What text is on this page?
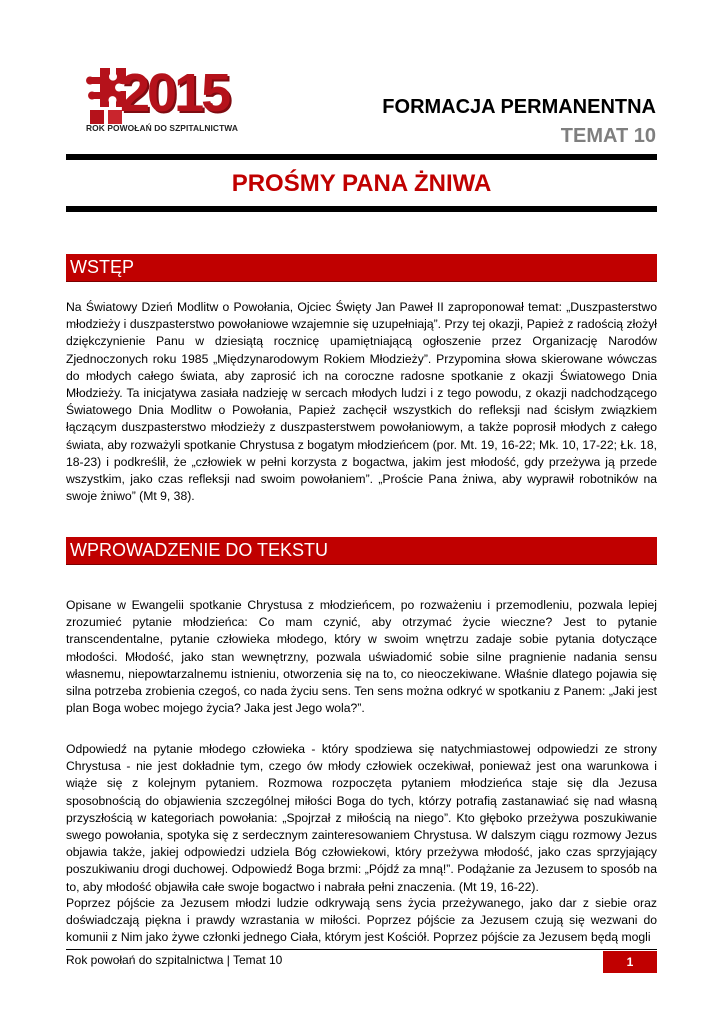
2015
ROK POWOŁAŃ DO SZPITALNICTWA
FORMACJA PERMANENTNA
TEMAT 10
PROŚMY PANA ŻNIWA
WSTĘP
Na Światowy Dzień Modlitw o Powołania, Ojciec Święty Jan Paweł II zaproponował temat: „Duszpasterstwo młodzieży i duszpasterstwo powołaniowe wzajemnie się uzupełniają”. Przy tej okazji, Papież z radością złożył dziękczynienie Panu w dziesiątą rocznicę upamiętniającą ogłoszenie przez Organizację Narodów Zjednoczonych roku 1985 „Międzynarodowym Rokiem Młodzieży”. Przypomina słowa skierowane wówczas do młodych całego świata, aby zaprosić ich na coroczne radosne spotkanie z okazji Światowego Dnia Młodzieży. Ta inicjatywa zasiała nadzieję w sercach młodych ludzi i z tego powodu, z okazji nadchodzącego Światowego Dnia Modlitw o Powołania, Papież zachęcił wszystkich do refleksji nad ścisłym związkiem łączącym duszpasterstwo młodzieży z duszpasterstwem powołaniowym, a także poprosił młodych z całego świata, aby rozważyli spotkanie Chrystusa z bogatym młodzieńcem (por. Mt. 19, 16-22; Mk. 10, 17-22; Łk. 18, 18-23) i podkreślił, że „człowiek w pełni korzysta z bogactwa, jakim jest młodość, gdy przeżywa ją przede wszystkim, jako czas refleksji nad swoim powołaniem”. „Proście Pana żniwa, aby wyprawił robotników na swoje żniwo” (Mt 9, 38).
WPROWADZENIE DO TEKSTU
Opisane w Ewangelii spotkanie Chrystusa z młodzieńcem, po rozważeniu i przemodleniu, pozwala lepiej zrozumieć pytanie młodzieńca: Co mam czynić, aby otrzymać życie wieczne? Jest to pytanie transcendentalne, pytanie człowieka młodego, który w swoim wnętrzu zadaje sobie pytania dotyczące młodości. Młodość, jako stan wewnętrzny, pozwala uświadomić sobie silne pragnienie nadania sensu własnemu, niepowtarzalnemu istnieniu, otworzenia się na to, co nieoczekiwane. Właśnie dlatego pojawia się silna potrzeba zrobienia czegoś, co nada życiu sens. Ten sens można odkryć w spotkaniu z Panem: „Jaki jest plan Boga wobec mojego życia? Jaka jest Jego wola?”.
Odpowiedź na pytanie młodego człowieka - który spodziewa się natychmiastowej odpowiedzi ze strony Chrystusa - nie jest dokładnie tym, czego ów młody człowiek oczekiwał, ponieważ jest ona warunkowa i wiąże się z kolejnym pytaniem. Rozmowa rozpoczęta pytaniem młodzieńca staje się dla Jezusa sposobnością do objawienia szczególnej miłości Boga do tych, którzy potrafią zastanawiać się nad własną przyszłością w kategoriach powołania: „Spojrzał z miłością na niego”. Kto głęboko przeżywa poszukiwanie swego powołania, spotyka się z serdecznym zainteresowaniem Chrystusa. W dalszym ciągu rozmowy Jezus objawia także, jakiej odpowiedzi udziela Bóg człowiekowi, który przeżywa młodość, jako czas sprzyjający poszukiwaniu drogi duchowej. Odpowiedź Boga brzmi: „Pójdź za mną!”. Podążanie za Jezusem to sposób na to, aby młodość objawiła całe swoje bogactwo i nabrała pełni znaczenia. (Mt 19, 16-22).
Poprzez pójście za Jezusem młodzi ludzie odkrywają sens życia przeżywanego, jako dar z siebie oraz doświadczają piękna i prawdy wzrastania w miłości. Poprzez pójście za Jezusem czują się wezwani do komunii z Nim jako żywe członki jednego Ciała, którym jest Kościół. Poprzez pójście za Jezusem będą mogli
Rok powołań do szpitalnictwa | Temat 10	1
